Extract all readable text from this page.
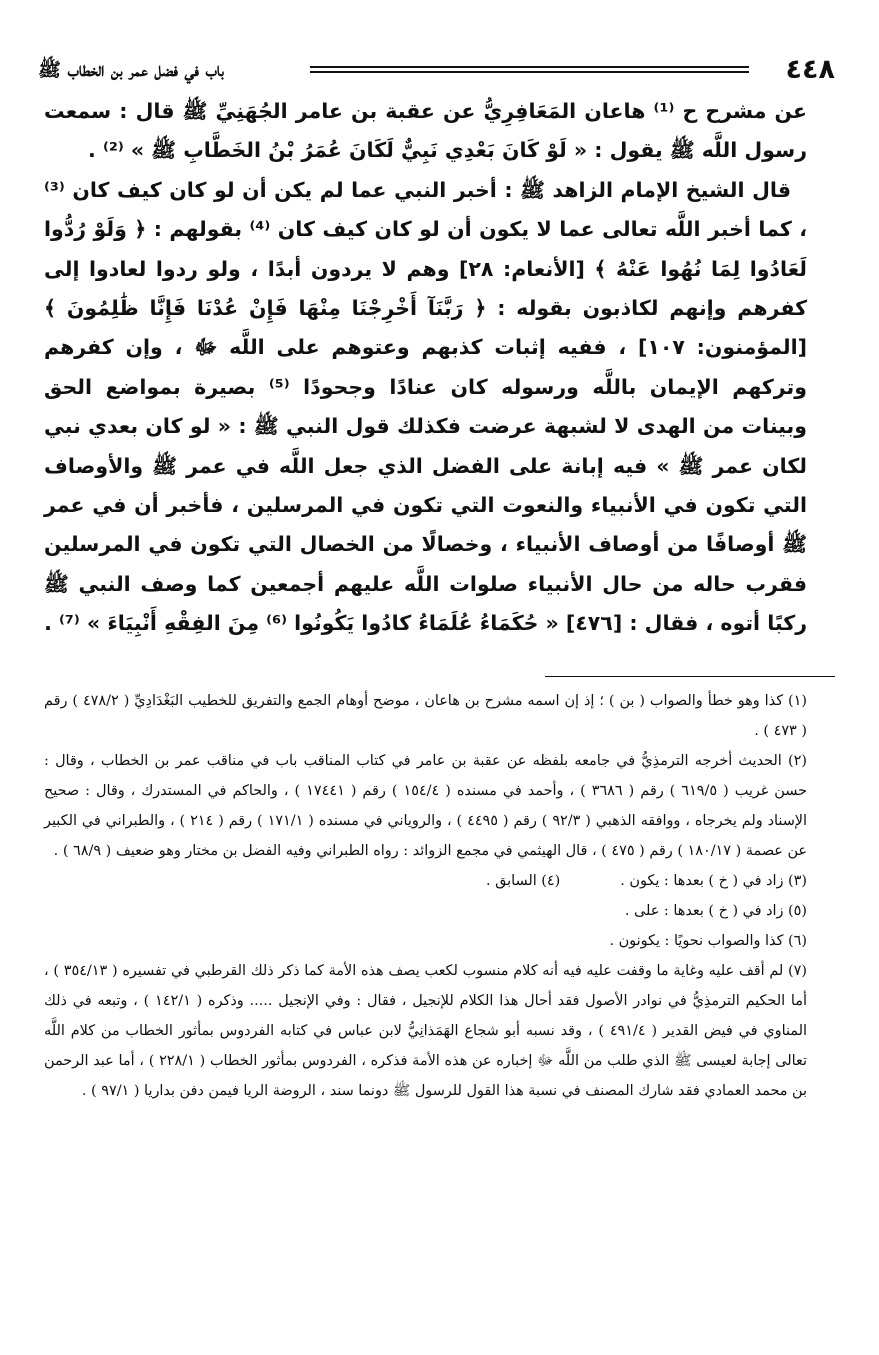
٤٤٨
باب في فضل عمر بن الخطاب ﷺ

عن مشرح ح ⁽¹⁾ هاعان المَعَافِرِيُّ عن عقبة بن عامر الجُهَنِيِّ ﷺ قال : سمعت رسول اللَّه ﷺ يقول : « لَوْ كَانَ بَعْدِي نَبِيٌّ لَكَانَ عُمَرُ بْنُ الخَطَّابِ ﷺ » ⁽²⁾ .

قال الشيخ الإمام الزاهد ﷺ : أخبر النبي عما لم يكن أن لو كان كيف كان ⁽³⁾ ، كما أخبر اللَّه تعالى عما لا يكون أن لو كان كيف كان ⁽⁴⁾ بقولهم : ﴿ وَلَوْ رُدُّوا لَعَادُوا لِمَا نُهُوا عَنْهُ ﴾ [الأنعام: ٢٨] وهم لا يردون أبدًا ، ولو ردوا لعادوا إلى كفرهم وإنهم لكاذبون بقوله : ﴿ رَبَّنَآ أَخْرِجْنَا مِنْهَا فَإِنْ عُدْنَا فَإِنَّا ظَٰلِمُونَ ﴾ [المؤمنون: ١٠٧] ، ففيه إثبات كذبهم وعتوهم على اللَّه ﷻ ، وإن كفرهم وتركهم الإيمان باللَّه ورسوله كان عنادًا وجحودًا ⁽⁵⁾ بصيرة بمواضع الحق وبينات من الهدى لا لشبهة عرضت فكذلك قول النبي ﷺ : « لو كان بعدي نبي لكان عمر ﷺ » فيه إبانة على الفضل الذي جعل اللَّه في عمر ﷺ والأوصاف التي تكون في الأنبياء والنعوت التي تكون في المرسلين ، فأخبر أن في عمر ﷺ أوصافًا من أوصاف الأنبياء ، وخصالًا من الخصال التي تكون في المرسلين فقرب حاله من حال الأنبياء صلوات اللَّه عليهم أجمعين كما وصف النبي ﷺ ركبًا أتوه ، فقال : [٤٧٦] « حُكَمَاءُ عُلَمَاءُ كادُوا يَكُونُوا ⁽⁶⁾ مِنَ الفِقْهِ أَنْبِيَاءَ » ⁽⁷⁾ .

(١) كذا وهو خطأ والصواب ( بن ) ؛ إذ إن اسمه مشرح بن هاعان ، موضح أوهام الجمع والتفريق للخطيب البَغْدَادِيِّ ( ٤٧٨/٢ ) رقم ( ٤٧٣ ) .

(٢) الحديث أخرجه الترمذِيُّ في جامعه بلفظه عن عقبة بن عامر في كتاب المناقب باب في مناقب عمر بن الخطاب ، وقال : حسن غريب ( ٦١٩/٥ ) رقم ( ٣٦٨٦ ) ، وأحمد في مسنده ( ١٥٤/٤ ) رقم ( ١٧٤٤١ ) ، والحاكم في المستدرك ، وقال : صحيح الإسناد ولم يخرجاه ، ووافقه الذهبي ( ٩٢/٣ ) رقم ( ٤٤٩٥ ) ، والروياني في مسنده ( ١٧١/١ ) رقم ( ٢١٤ ) ، والطبراني في الكبير عن عصمة ( ١٨٠/١٧ ) رقم ( ٤٧٥ ) ، قال الهيثمي في مجمع الزوائد : رواه الطبراني وفيه الفضل بن مختار وهو ضعيف ( ٦٨/٩ ) .

(٣) زاد في ( خ ) بعدها : يكون .
(٤) السابق .

(٥) زاد في ( خ ) بعدها : على .

(٦) كذا والصواب نحويًا : يكونون .

(٧) لم أقف عليه وغاية ما وقفت عليه فيه أنه كلام منسوب لكعب يصف هذه الأمة كما ذكر ذلك القرطبي في تفسيره ( ٣٥٤/١٣ ) ، أما الحكيم الترمذِيُّ في نوادر الأصول فقد أحال هذا الكلام للإنجيل ، فقال : وفي الإنجيل ..... وذكره ( ١٤٢/١ ) ، وتبعه في ذلك المناوي في فيض القدير ( ٤٩١/٤ ) ، وقد نسبه أبو شجاع الهَمَذانِيُّ لابن عباس في كتابه الفردوس بمأثور الخطاب من كلام اللَّه تعالى إجابة لعيسى ﷺ الذي طلب من اللَّه ﷻ إخباره عن هذه الأمة فذكره ، الفردوس بمأثور الخطاب ( ٢٢٨/١ ) ، أما عبد الرحمن بن محمد العمادي فقد شارك المصنف في نسبة هذا القول للرسول ﷺ دونما سند ، الروضة الريا فيمن دفن بداريا ( ٩٧/١ ) .
